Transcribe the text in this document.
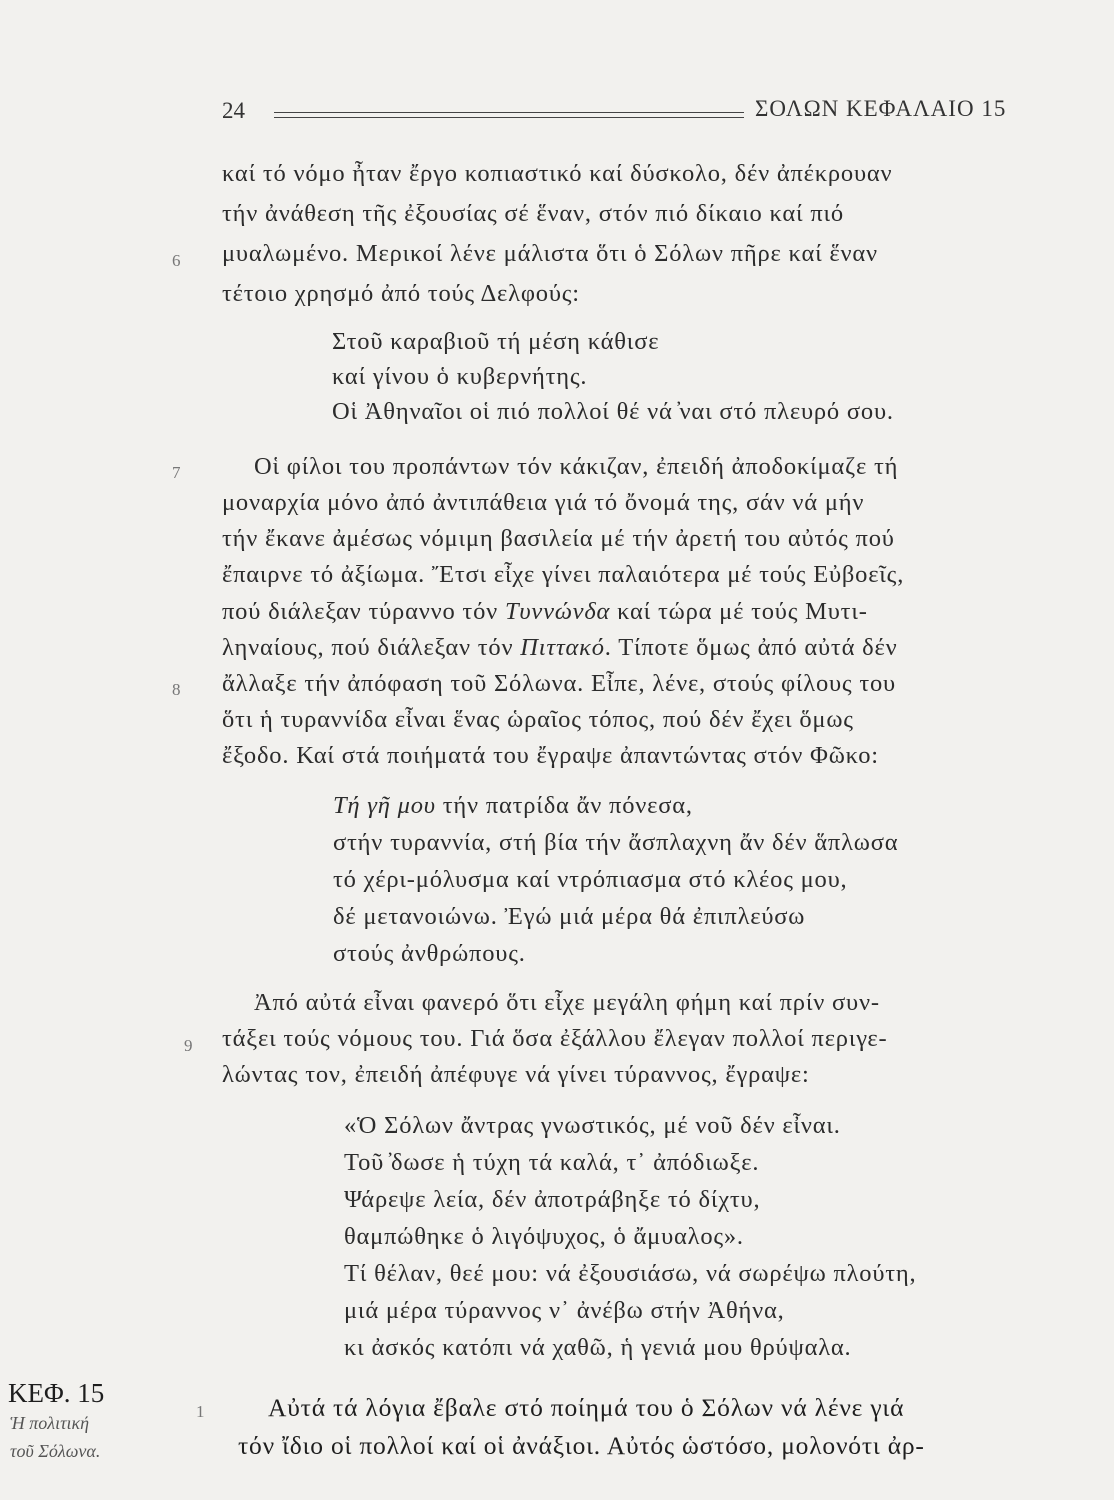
24	ΣΟΛΩΝ ΚΕΦΑΛΑΙΟ 15
καί τό νόμο ἦταν ἔργο κοπιαστικό καί δύσκολο, δέν ἀπέκρουαν
τήν ἀνάθεση τῆς ἐξουσίας σέ ἕναν, στόν πιό δίκαιο καί πιό
6 μυαλωμένο. Μερικοί λένε μάλιστα ὅτι ὁ Σόλων πῆρε καί ἕναν
τέτοιο χρησμό ἀπό τούς Δελφούς:
Στοῦ καραβιοῦ τή μέση κάθισε
καί γίνου ὁ κυβερνήτης.
Οἱ Ἀθηναῖοι οἱ πιό πολλοί θέ νά ̓ναι στό πλευρό σου.
7	Οἱ φίλοι του προπάντων τόν κάκιζαν, ἐπειδή ἀποδοκίμαζε τή
μοναρχία μόνο ἀπό ἀντιπάθεια γιά τό ὄνομά της, σάν νά μήν
τήν ἔκανε ἀμέσως νόμιμη βασιλεία μέ τήν ἀρετή του αὐτός πού
ἔπαιρνε τό ἀξίωμα. Ἔτσι εἶχε γίνει παλαιότερα μέ τούς Εὐβοεῖς,
πού διάλεξαν τύραννο τόν Τυννώνδα καί τώρα μέ τούς Μυτι-
ληναίους, πού διάλεξαν τόν Πιττακό. Τίποτε ὅμως ἀπό αὐτά δέν
8 ἄλλαξε τήν ἀπόφαση τοῦ Σόλωνα. Εἶπε, λένε, στούς φίλους του
ὅτι ἡ τυραννίδα εἶναι ἕνας ὡραῖος τόπος, πού δέν ἔχει ὅμως
ἔξοδο. Καί στά ποιήματά του ἔγραψε ἀπαντώντας στόν Φῶκο:
Τή γῆ μου τήν πατρίδα ἄν πόνεσα,
στήν τυραννία, στή βία τήν ἄσπλαχνη ἄν δέν ἅπλωσα
τό χέρι-μόλυσμα καί ντρόπιασμα στό κλέος μου,
δέ μετανοιώνω. Ἐγώ μιά μέρα θά ἐπιπλεύσω
στούς ἀνθρώπους.
Ἀπό αὐτά εἶναι φανερό ὅτι εἶχε μεγάλη φήμη καί πρίν συν-
9 τάξει τούς νόμους του. Γιά ὅσα ἐξάλλου ἔλεγαν πολλοί περιγε-
λώντας τον, ἐπειδή ἀπέφυγε νά γίνει τύραννος, ἔγραψε:
«Ὁ Σόλων ἄντρας γνωστικός, μέ νοῦ δέν εἶναι.
Τοῦ ̓δωσε ἡ τύχη τά καλά, τ᾽ ἀπόδιωξε.
Ψάρεψε λεία, δέν ἀποτράβηξε τό δίχτυ,
θαμπώθηκε ὁ λιγόψυχος, ὁ ἄμυαλος».
Τί θέλαν, θεέ μου: νά ἐξουσιάσω, νά σωρέψω πλούτη,
μιά μέρα τύραννος ν᾽ ἀνέβω στήν Ἀθήνα,
κι ἀσκός κατόπι νά χαθῶ, ἡ γενιά μου θρύψαλα.
ΚΕΦ. 15
Ἡ πολιτική
τοῦ Σόλωνα.
1 Αὐτά τά λόγια ἔβαλε στό ποίημά του ὁ Σόλων νά λένε γιά
τόν ἴδιο οἱ πολλοί καί οἱ ἀνάξιοι. Αὐτός ὡστόσο, μολονότι ἀρ-
